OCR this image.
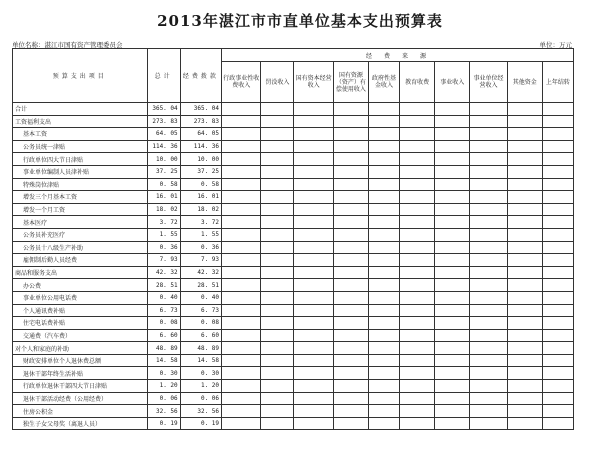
2013年湛江市市直单位基本支出预算表
单位名称：湛江市国有资产管理委员会	单位：万元
预算支出项目	总计	经费拨款	经　费　来　源									
			行政事业性收费收入	罚没收入	国有资本经营收入	国有资源（资产）有偿使用收入	政府性基金收入	教育收费	事业收入	事业单位经营收入	其他资金	上年结转
合计	365. 04	365. 04										
工资福利支出	273. 83	273. 83										
基本工资	64. 05	64. 05										
公务员统一津贴	114. 36	114. 36										
行政单位四大节日津贴	10. 00	10. 00										
事业单位编制人员津补贴	37. 25	37. 25										
特殊岗位津贴	0. 58	0. 58										
增发三个月基本工资	16. 01	16. 01										
增发一个月工资	18. 02	18. 02										
基本医疗	3. 72	3. 72										
公务员补充医疗	1. 55	1. 55										
公务员十八级生产补助	0. 36	0. 36										
雇佣制后勤人员经费	7. 93	7. 93										
商品和服务支出	42. 32	42. 32										
办公费	28. 51	28. 51										
事业单位公用电话费	0. 40	0. 40										
个人通讯费补贴	6. 73	6. 73										
住宅电话费补贴	0. 08	0. 08										
交通费（汽车费）	6. 60	6. 60										
对个人和家庭的补助	48. 89	48. 89										
财政安排单位个人退休费总额	14. 58	14. 58										
退休干部年终生活补贴	0. 30	0. 30										
行政单位退休干部四大节日津贴	1. 20	1. 20										
退休干部活动经费（公用经费）	0. 06	0. 06										
住房公积金	32. 56	32. 56										
独生子女父母奖（离退人员）	0. 19	0. 19										
